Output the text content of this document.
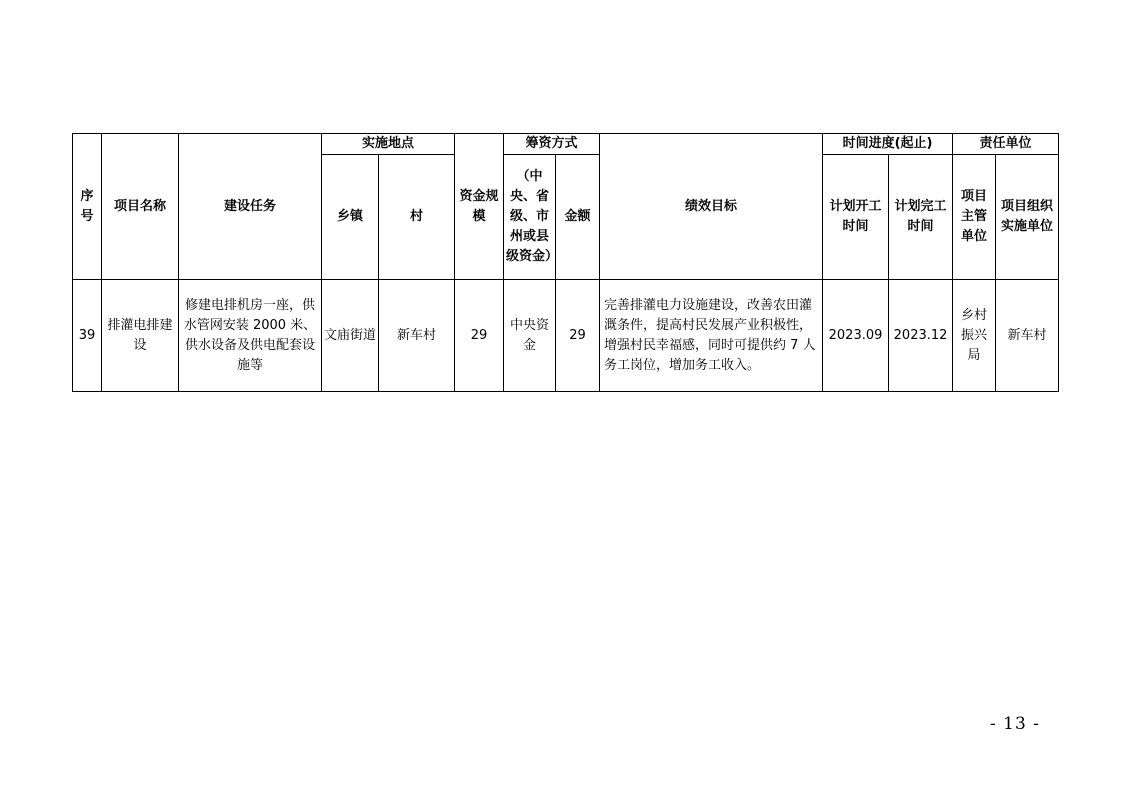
序号	项目名称	建设任务	实施地点		资金规模	筹资方式		绩效目标	时间进度(起止)		责任单位	
			乡镇	村		（中央、省级、市州或县级资金）	金额		计划开工时间	计划完工时间	项目主管单位	项目组织实施单位
39	排灌电排建设	修建电排机房一座，供水管网安装 2000 米、供水设备及供电配套设施等	文庙街道	新车村	29	中央资金	29	完善排灌电力设施建设，改善农田灌溉条件，提高村民发展产业积极性，增强村民幸福感，同时可提供约 7 人务工岗位，增加务工收入。	2023.09	2023.12	乡村振兴局	新车村
- 13 -
